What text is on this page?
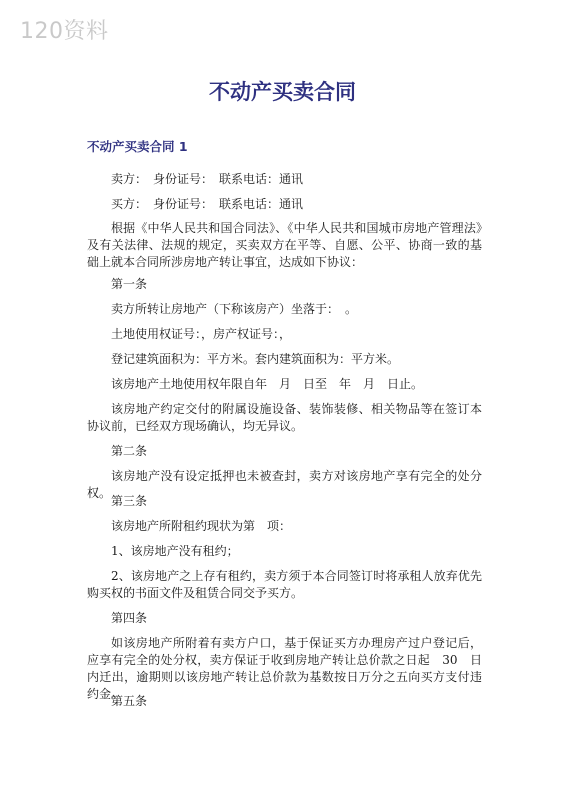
120资料
不动产买卖合同
不动产买卖合同 1

卖方：　身份证号：　联系电话：通讯

买方：　身份证号：　联系电话：通讯

根据《中华人民共和国合同法》、《中华人民共和国城市房地产管理法》及有关法律、法规的规定，买卖双方在平等、自愿、公平、协商一致的基础上就本合同所涉房地产转让事宜，达成如下协议：

第一条

卖方所转让房地产（下称该房产）坐落于：　。

土地使用权证号：，房产权证号：，

登记建筑面积为：平方米。套内建筑面积为：平方米。

该房地产土地使用权年限自年　月　日至　年　月　日止。

该房地产约定交付的附属设施设备、装饰装修、相关物品等在签订本协议前，已经双方现场确认，均无异议。

第二条

该房地产没有设定抵押也未被查封，卖方对该房地产享有完全的处分权。

第三条

该房地产所附租约现状为第　项：

1、该房地产没有租约；

2、该房地产之上存有租约，卖方须于本合同签订时将承租人放弃优先购买权的书面文件及租赁合同交予买方。

第四条

如该房地产所附着有卖方户口，基于保证买方办理房产过户登记后，应享有完全的处分权，卖方保证于收到房地产转让总价款之日起　30　日内迁出，逾期则以该房地产转让总价款为基数按日万分之五向买方支付违约金。

第五条
